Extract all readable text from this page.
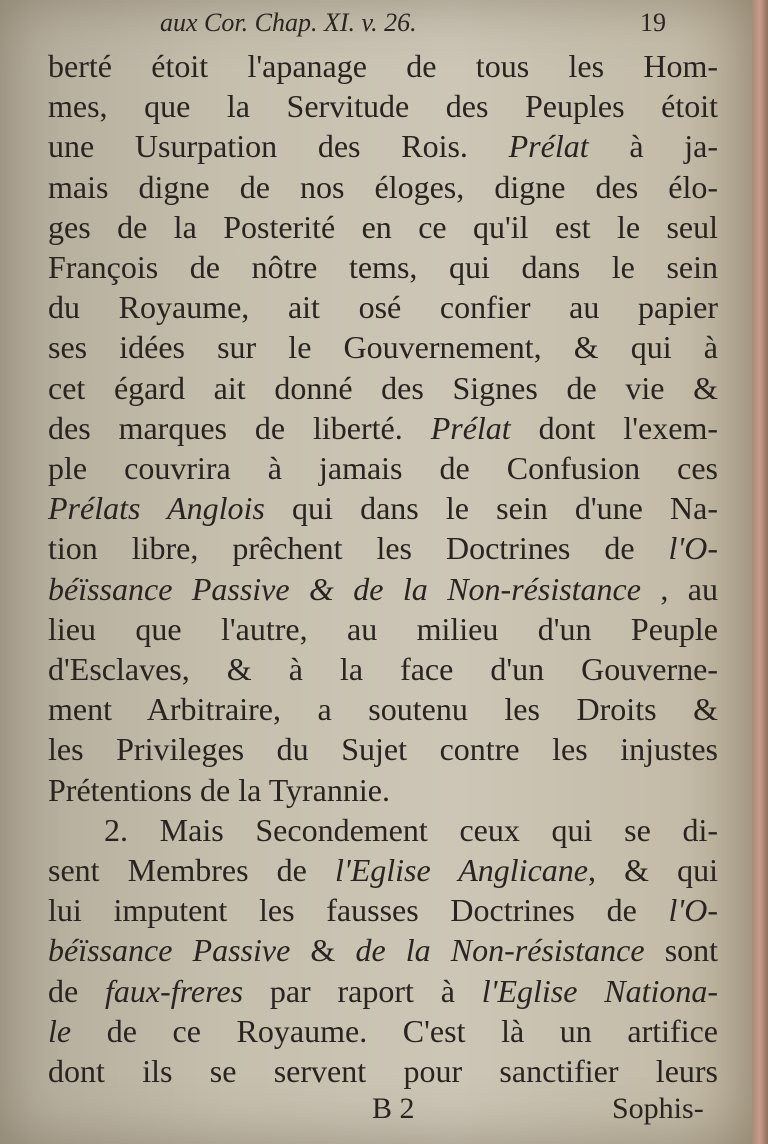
aux Cor. Chap. XI. v. 26.	19
berté étoit l'apanage de tous les Hom-
mes, que la Servitude des Peuples étoit
une Usurpation des Rois. Prélat à ja-
mais digne de nos éloges, digne des élo-
ges de la Posterité en ce qu'il est le seul
François de nôtre tems, qui dans le sein
du Royaume, ait osé confier au papier
ses idées sur le Gouvernement, & qui à
cet égard ait donné des Signes de vie &
des marques de liberté. Prélat dont l'exem-
ple couvrira à jamais de Confusion ces
Prélats Anglois qui dans le sein d'une Na-
tion libre, prêchent les Doctrines de l'O-
béïssance Passive & de la Non-résistance , au
lieu que l'autre, au milieu d'un Peuple
d'Esclaves, & à la face d'un Gouverne-
ment Arbitraire, a soutenu les Droits &
les Privileges du Sujet contre les injustes
Prétentions de la Tyrannie.
2. Mais Secondement ceux qui se di-
sent Membres de l'Eglise Anglicane, & qui
lui imputent les fausses Doctrines de l'O-
béïssance Passive & de la Non-résistance sont
de faux-freres par raport à l'Eglise Nationa-
le de ce Royaume. C'est là un artifice
dont ils se servent pour sanctifier leurs
B 2	Sophis-
